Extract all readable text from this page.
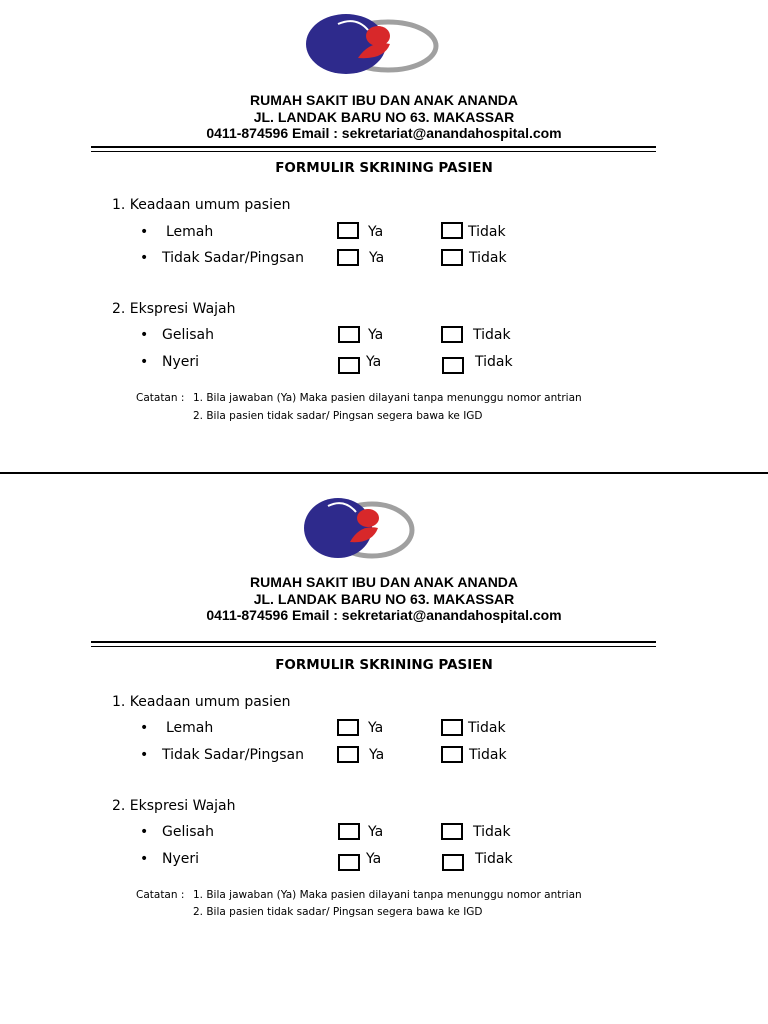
RUMAH SAKIT IBU DAN ANAK ANANDA
JL. LANDAK BARU NO 63. MAKASSAR
0411-874596 Email : sekretariat@anandahospital.com
FORMULIR SKRINING PASIEN
1. Keadaan umum pasien
• Lemah	Ya	Tidak
• Tidak Sadar/Pingsan	Ya	Tidak
2. Ekspresi Wajah
• Gelisah	Ya	Tidak
• Nyeri	Ya	Tidak
Catatan : 1. Bila jawaban (Ya) Maka pasien dilayani tanpa menunggu nomor antrian
2. Bila pasien tidak sadar/ Pingsan segera bawa ke IGD
RUMAH SAKIT IBU DAN ANAK ANANDA
JL. LANDAK BARU NO 63. MAKASSAR
0411-874596 Email : sekretariat@anandahospital.com
FORMULIR SKRINING PASIEN
1. Keadaan umum pasien
• Lemah	Ya	Tidak
• Tidak Sadar/Pingsan	Ya	Tidak
2. Ekspresi Wajah
• Gelisah	Ya	Tidak
• Nyeri	Ya	Tidak
Catatan : 1. Bila jawaban (Ya) Maka pasien dilayani tanpa menunggu nomor antrian
2. Bila pasien tidak sadar/ Pingsan segera bawa ke IGD
